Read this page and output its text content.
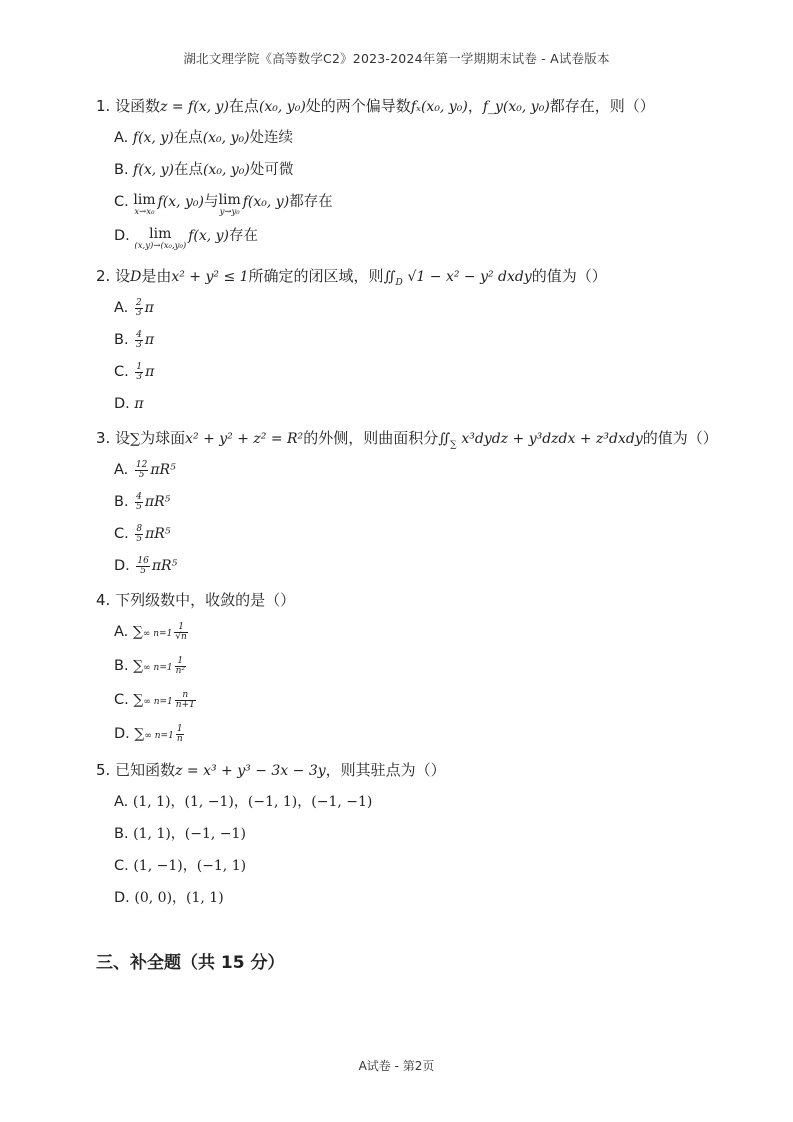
湖北文理学院《高等数学C2》2023-2024年第一学期期末试卷 - A试卷版本
1. 设函数z = f(x, y)在点(x₀, y₀)处的两个偏导数fₓ(x₀, y₀)，f_y(x₀, y₀)都存在，则（）
A. f(x, y)在点(x₀, y₀)处连续
B. f(x, y)在点(x₀, y₀)处可微
C. lim
x→x₀
f(x, y₀)与 lim
y→y₀
f(x₀, y)都存在
D.	lim
(x,y)→(x₀,y₀)
f(x, y)存在
2. 设D是由x² + y² ≤ 1所确定的闭区域，则$∬_D$ √1 − x² − y² dxdy的值为（）
A. $\frac{2}{3}$ π
B. $\frac{4}{3}$ π
C. $\frac{1}{3}$ π
D. π
3. 设∑为球面x² + y² + z² = R²的外侧，则曲面积分$∬_\sum$ x³dydz + y³dzdx + z³dxdy的值为（）
A. $\frac{12}{5} \pi R^5$
B. $\frac{4}{5} \pi R^5$
C. $\frac{8}{5} \pi R^5$
D. $\frac{16}{5} \pi R^5$
4. 下列级数中，收敛的是（）
A. ∑∞ $n=1 \frac{1}{√n}$
B. ∑∞ $n=1 \frac{1}{\text{n²}}$
C. ∑∞ $n=1 \frac{n}{n+1}$
D. ∑∞ $n=1 \frac{1}{n}$
5. 已知函数z = x³ + y³ − 3x − 3y，则其驻点为（）
A. (1, 1)，(1, −1)，(−1, 1)，(−1, −1)
B. (1, 1)，(−1, −1)
C. (1, −1)，(−1, 1)
D. (0, 0)，(1, 1)
三、补全题（共 15 分）
A试卷 - 第2页
